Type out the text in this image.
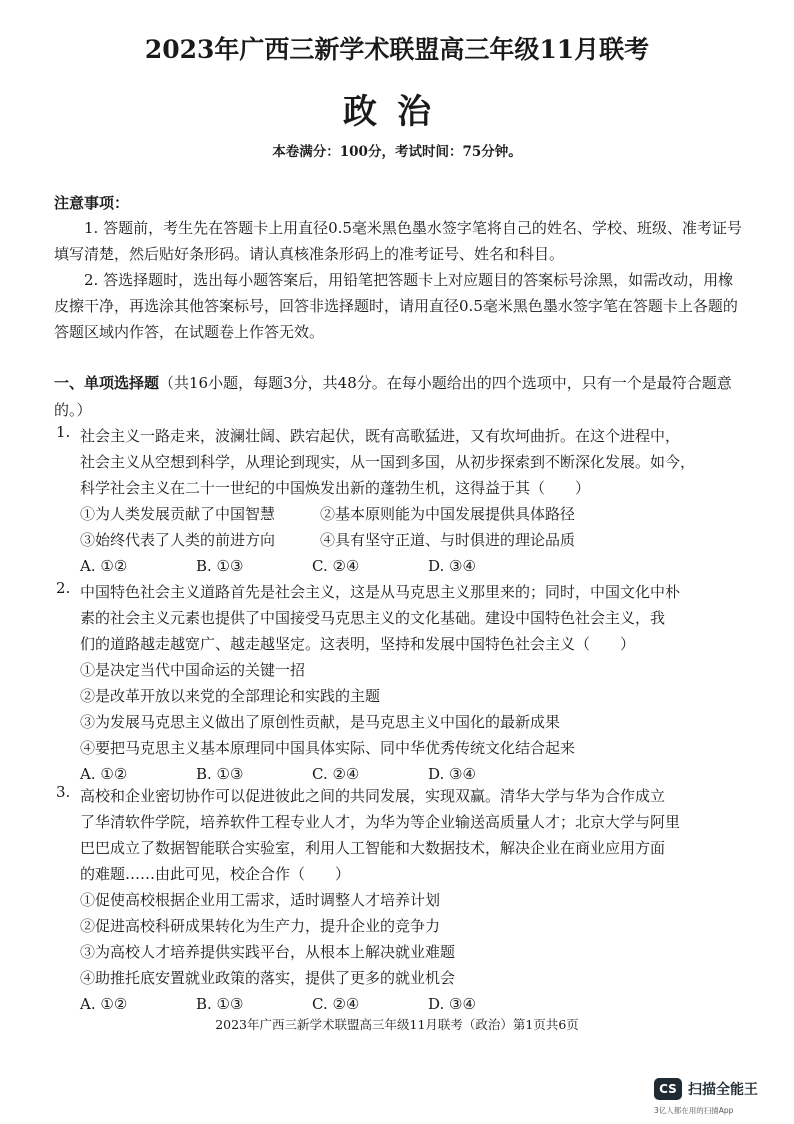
2023年广西三新学术联盟高三年级11月联考
政治
本卷满分：100分，考试时间：75分钟。
注意事项：
1. 答题前，考生先在答题卡上用直径0.5毫米黑色墨水签字笔将自己的姓名、学校、班级、准考证号填写清楚，然后贴好条形码。请认真核准条形码上的准考证号、姓名和科目。
2. 答选择题时，选出每小题答案后，用铅笔把答题卡上对应题目的答案标号涂黑，如需改动，用橡皮擦干净，再选涂其他答案标号，回答非选择题时，请用直径0.5毫米黑色墨水签字笔在答题卡上各题的答题区域内作答，在试题卷上作答无效。
一、单项选择题（共16小题，每题3分，共48分。在每小题给出的四个选项中，只有一个是最符合题意的。）
1. 社会主义一路走来，波澜壮阔、跌宕起伏，既有高歌猛进，又有坎坷曲折。在这个进程中，
社会主义从空想到科学，从理论到现实，从一国到多国，从初步探索到不断深化发展。如今，
科学社会主义在二十一世纪的中国焕发出新的蓬勃生机，这得益于其（　　）
①为人类发展贡献了中国智慧	②基本原则能为中国发展提供具体路径
③始终代表了人类的前进方向	④具有坚守正道、与时俱进的理论品质
A. ①②	B. ①③	C. ②④	D. ③④
2. 中国特色社会主义道路首先是社会主义，这是从马克思主义那里来的；同时，中国文化中朴
素的社会主义元素也提供了中国接受马克思主义的文化基础。建设中国特色社会主义，我
们的道路越走越宽广、越走越坚定。这表明，坚持和发展中国特色社会主义（　　）
①是决定当代中国命运的关键一招
②是改革开放以来党的全部理论和实践的主题
③为发展马克思主义做出了原创性贡献，是马克思主义中国化的最新成果
④要把马克思主义基本原理同中国具体实际、同中华优秀传统文化结合起来
A. ①②	B. ①③	C. ②④	D. ③④
3. 高校和企业密切协作可以促进彼此之间的共同发展，实现双赢。清华大学与华为合作成立
了华清软件学院，培养软件工程专业人才，为华为等企业输送高质量人才；北京大学与阿里
巴巴成立了数据智能联合实验室，利用人工智能和大数据技术，解决企业在商业应用方面
的难题……由此可见，校企合作（　　）
①促使高校根据企业用工需求，适时调整人才培养计划
②促进高校科研成果转化为生产力，提升企业的竞争力
③为高校人才培养提供实践平台，从根本上解决就业难题
④助推托底安置就业政策的落实，提供了更多的就业机会
A. ①②	B. ①③	C. ②④	D. ③④
2023年广西三新学术联盟高三年级11月联考（政治）第1页共6页
CS 扫描全能王
3亿人都在用的扫描App
